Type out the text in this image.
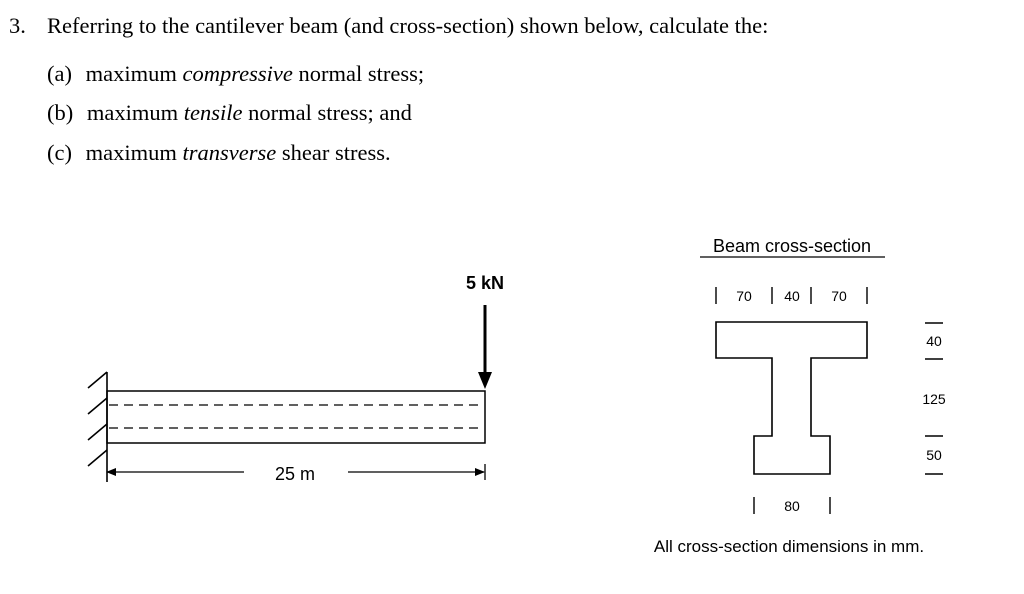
3. Referring to the cantilever beam (and cross-section) shown below, calculate the:
(a) maximum compressive normal stress;
(b) maximum tensile normal stress; and
(c) maximum transverse shear stress.
5 kN
25 m
Beam cross-section
70 40 70
40
125
50
80
All cross-section dimensions in mm.
